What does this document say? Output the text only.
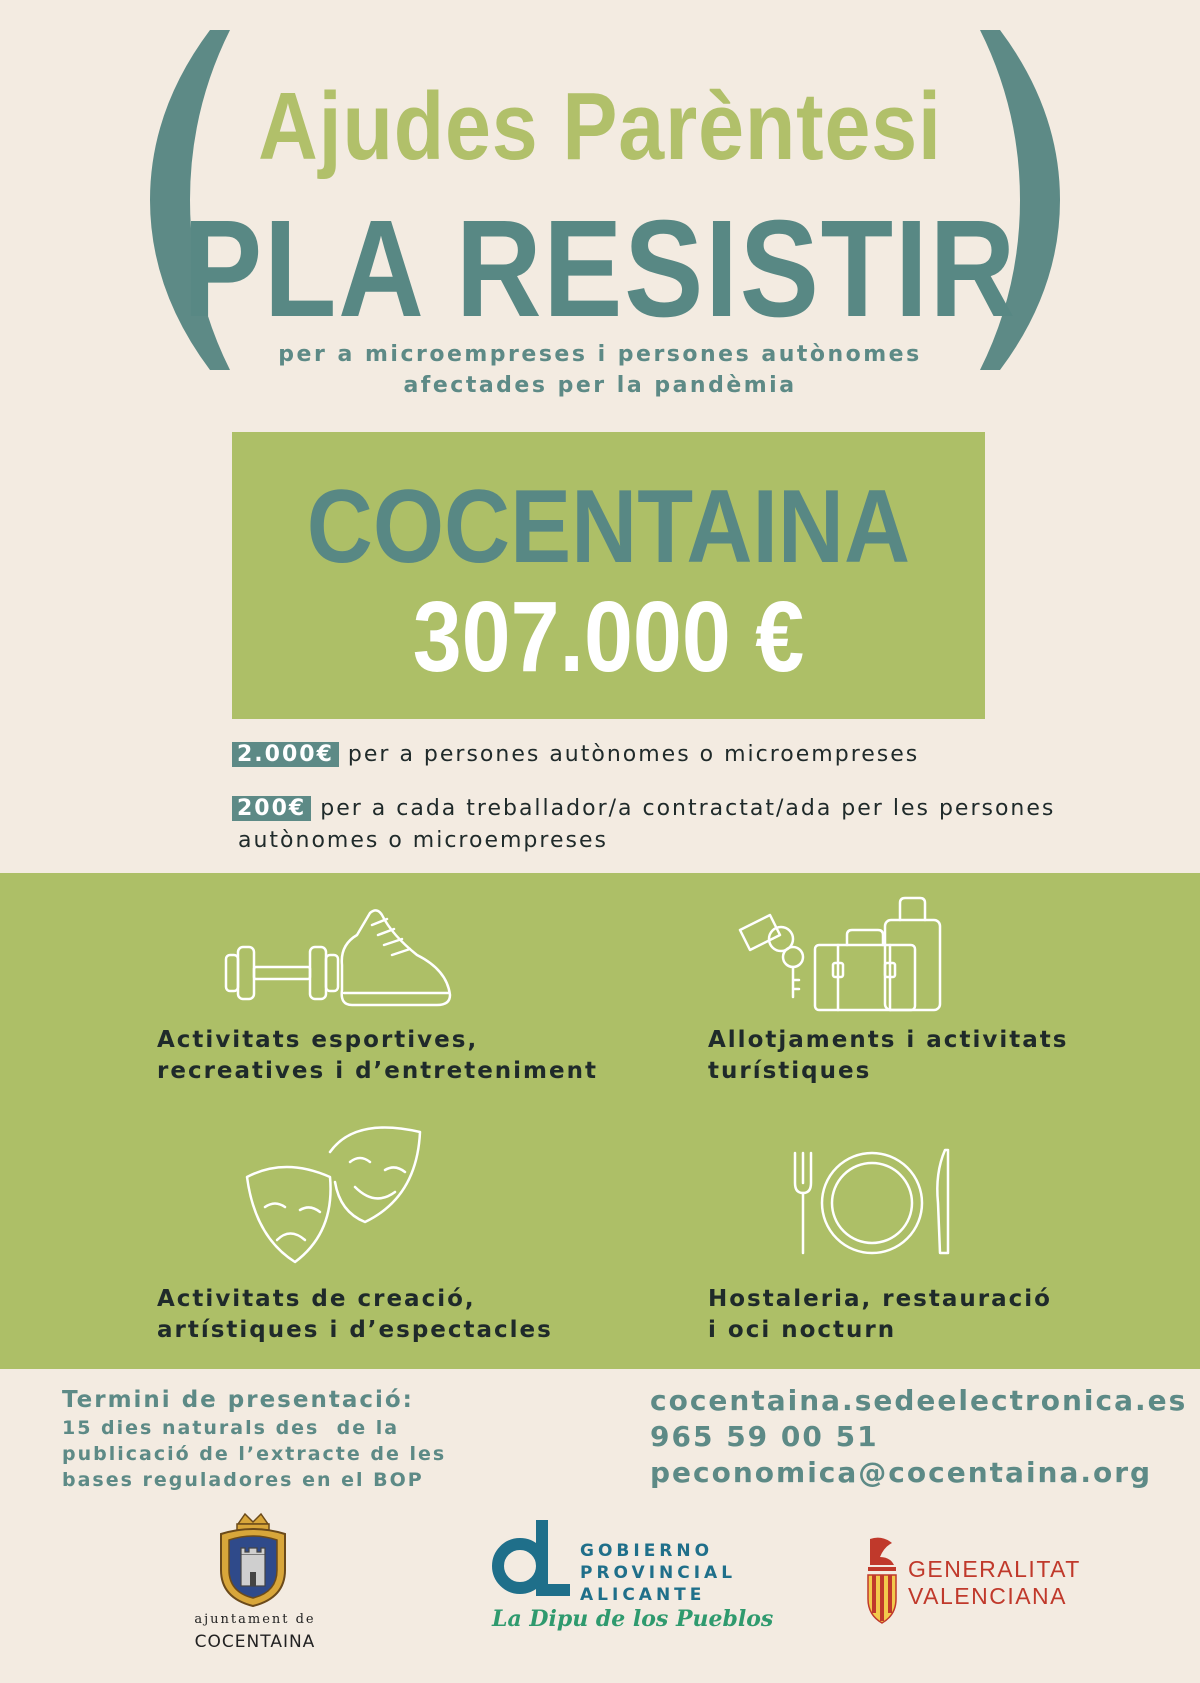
Ajudes Parèntesi
PLA RESISTIR
per a microempreses i persones autònomes
afectades per la pandèmia
COCENTAINA
307.000 €
2.000€ per a persones autònomes o microempreses
200€ per a cada treballador/a contractat/ada per les persones
autònomes o microempreses
Activitats esportives,
recreatives i d’entreteniment
Allotjaments i activitats
turístiques
Activitats de creació,
artístiques i d’espectacles
Hostaleria, restauració
i oci nocturn
Termini de presentació:
15 dies naturals des  de la
publicació de l’extracte de les
bases reguladores en el BOP
cocentaina.sedeelectronica.es
965 59 00 51
peconomica@cocentaina.org
ajuntament de
COCENTAINA
GOBIERNO
PROVINCIAL
ALICANTE
La Dipu de los Pueblos
GENERALITAT
VALENCIANA
